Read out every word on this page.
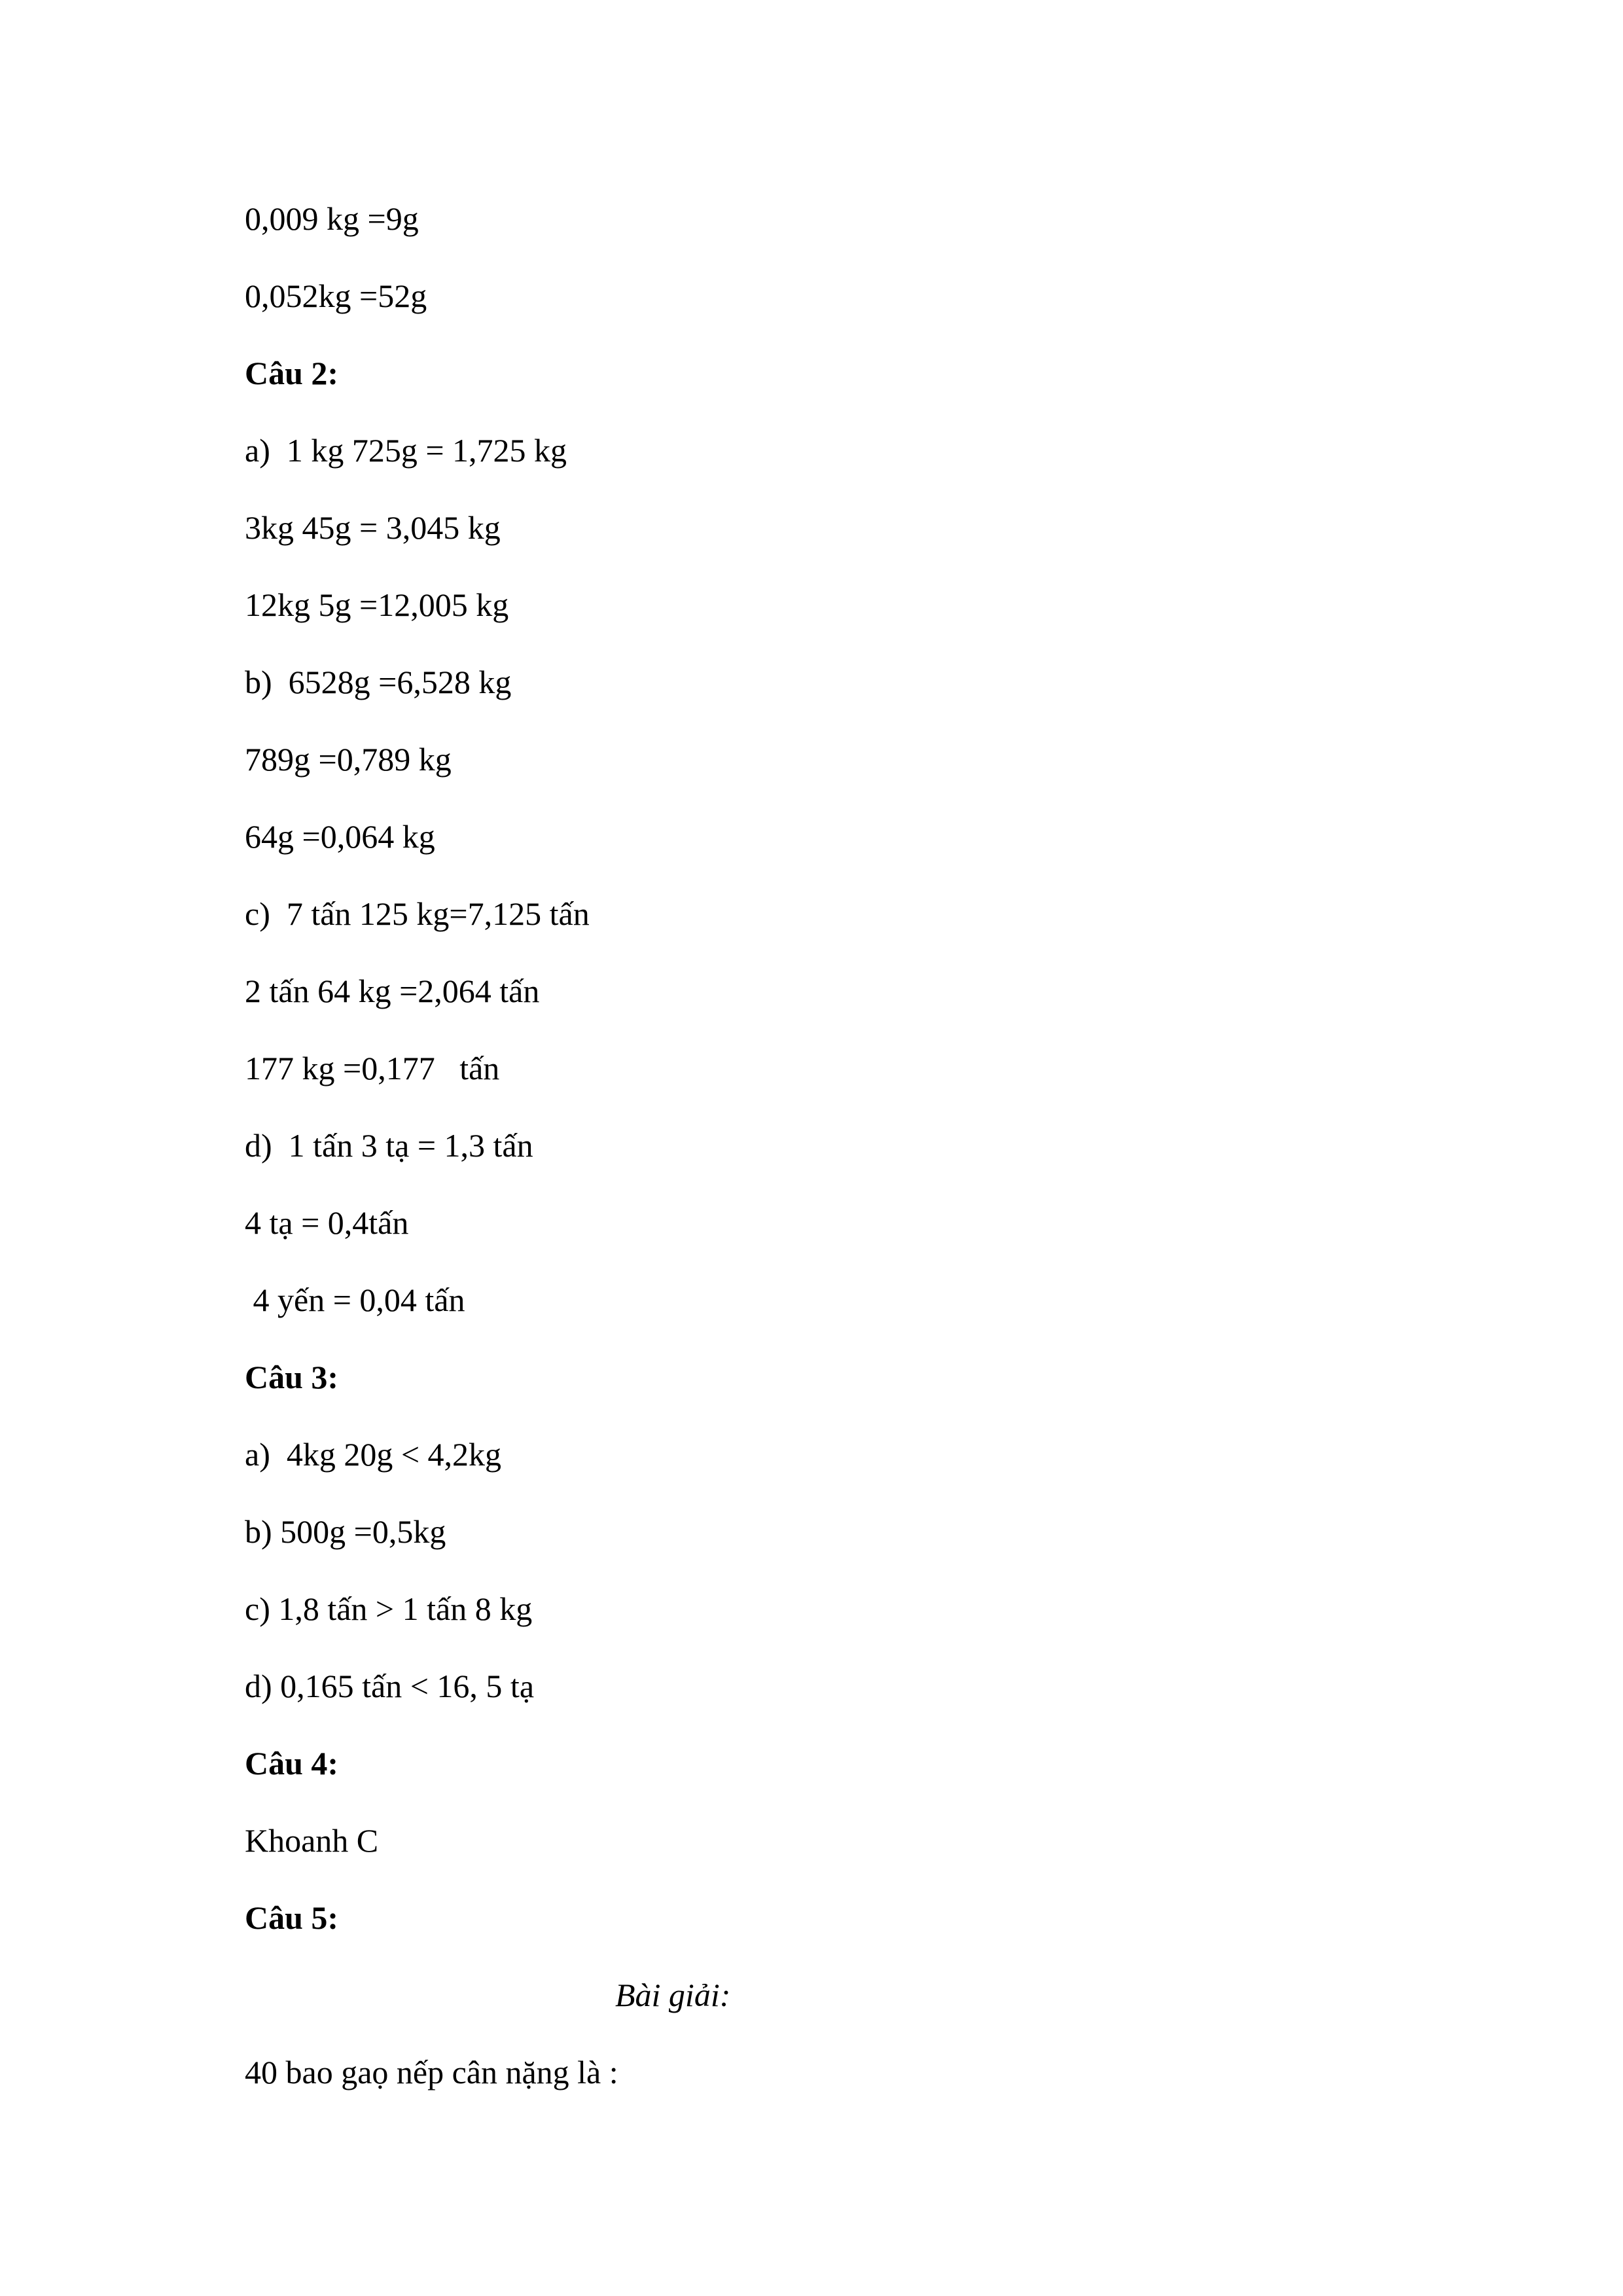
0,009 kg =9g

0,052kg =52g

Câu 2:

a)  1 kg 725g = 1,725 kg

3kg 45g = 3,045 kg

12kg 5g =12,005 kg

b)  6528g =6,528 kg

789g =0,789 kg

64g =0,064 kg

c)  7 tấn 125 kg=7,125 tấn

2 tấn 64 kg =2,064 tấn

177 kg =0,177   tấn

d)  1 tấn 3 tạ = 1,3 tấn

4 tạ = 0,4tấn

4 yến = 0,04 tấn

Câu 3:

a)  4kg 20g < 4,2kg

b) 500g =0,5kg

c) 1,8 tấn > 1 tấn 8 kg

d) 0,165 tấn < 16, 5 tạ

Câu 4:

Khoanh C

Câu 5:

Bài giải:

40 bao gaọ nếp cân nặng là :
